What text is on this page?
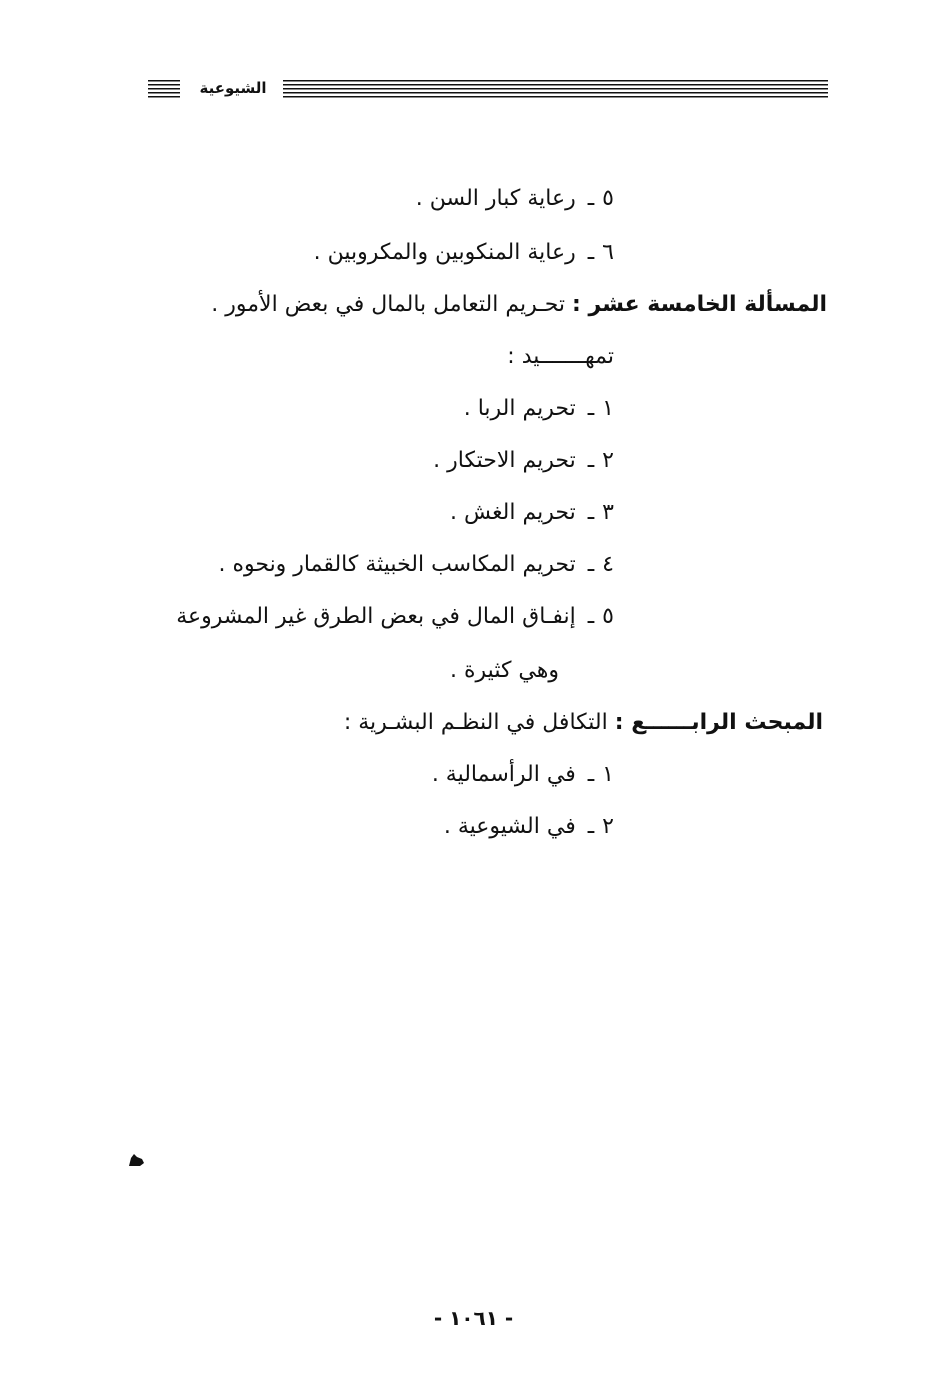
الشيوعية
٥ـرعاية كبار السن .
٦ـرعاية المنكوبين والمكروبين .
المسألة الخامسة عشر : تحـريم التعامل بالمال في بعض الأمور .
تمهـــــــيد :
١ـتحريم الربا .
٢ـتحريم الاحتكار .
٣ـتحريم الغش .
٤ـتحريم المكاسب الخبيثة كالقمار ونحوه .
٥ـإنفـاق المال في بعض الطرق غير المشروعة
وهي كثيرة .
المبحث الرابــــــع : التكافل في النظـم البشـرية :
١ـفي الرأسمالية .
٢ـفي الشيوعية .
- ١٠٦١ -
